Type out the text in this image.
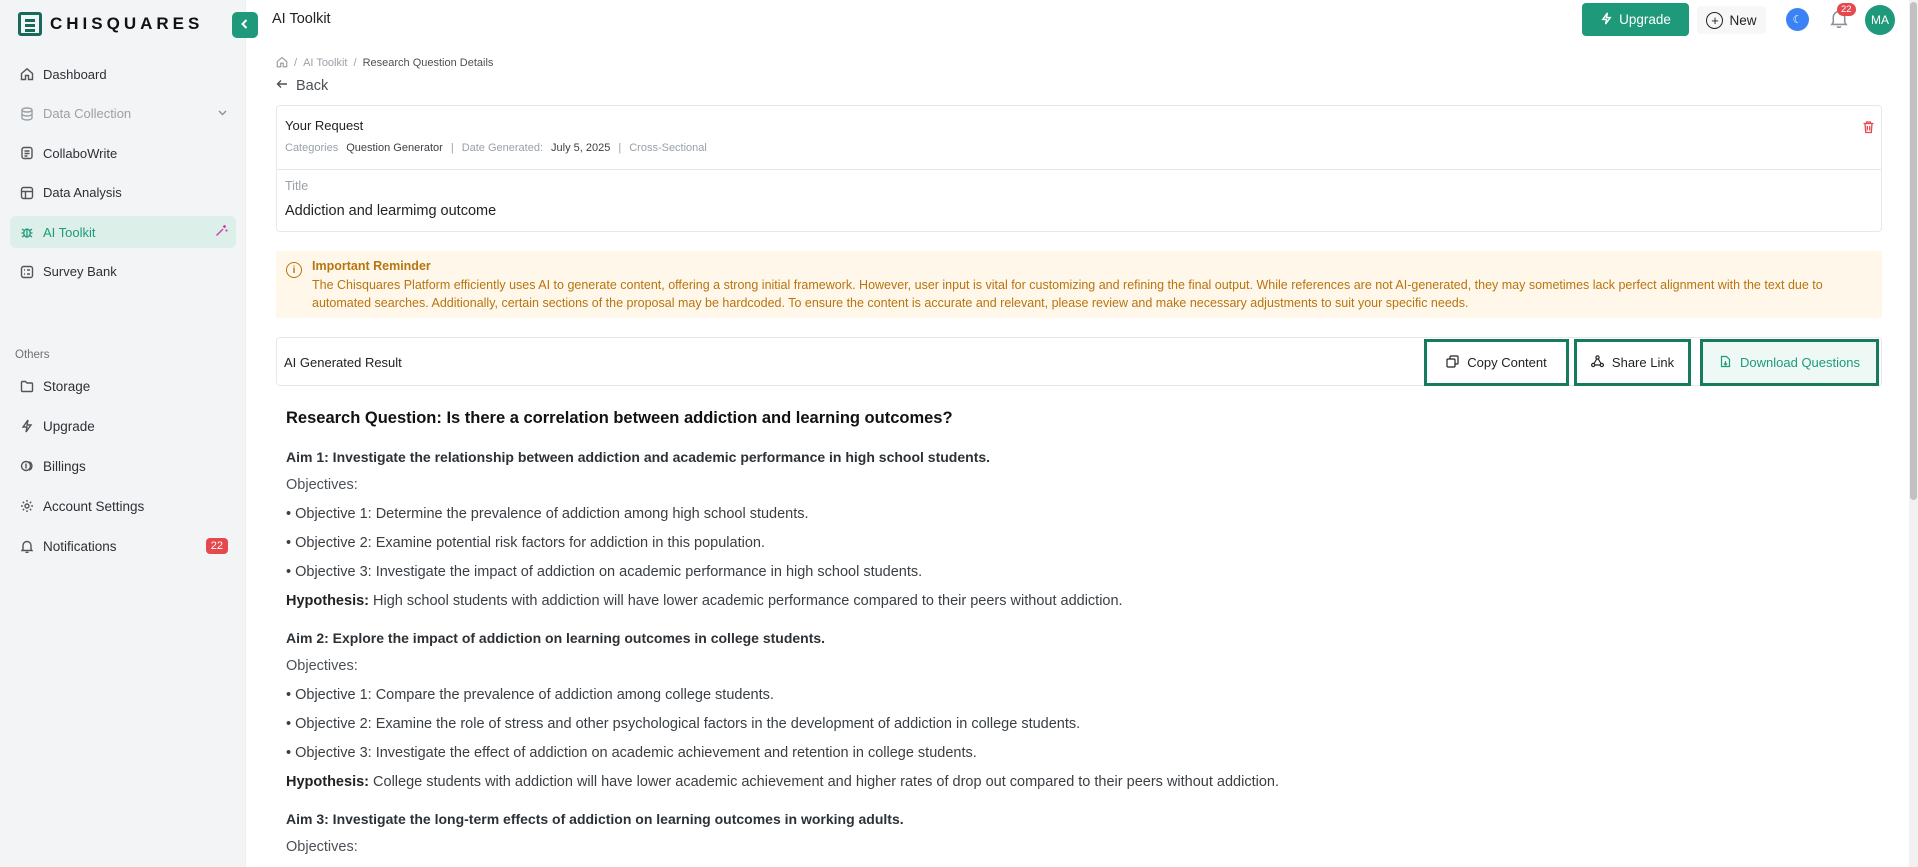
CHISQUARES
Dashboard
Data Collection
CollaboWrite
Data Analysis
AI Toolkit
Survey Bank
Others
Storage
Upgrade
Billings
Account Settings
Notifications	22
AI Toolkit	Upgrade	+ New	☾
22
MA
/ AI Toolkit / Research Question Details
Back
Your Request
Categories Question Generator | Date Generated: July 5, 2025 | Cross-Sectional
Title
Addiction and learmimg outcome
i	Important Reminder
The Chisquares Platform efficiently uses AI to generate content, offering a strong initial framework. However, user input is vital for customizing and refining the final output. While references are not AI-generated, they may sometimes lack perfect alignment with the text due to automated searches. Additionally, certain sections of the proposal may be hardcoded. To ensure the content is accurate and relevant, please review and make necessary adjustments to suit your specific needs.
AI Generated Result	Copy Content	Share Link	Download Questions
Research Question: Is there a correlation between addiction and learning outcomes?
Aim 1: Investigate the relationship between addiction and academic performance in high school students.
Objectives:
• Objective 1: Determine the prevalence of addiction among high school students.
• Objective 2: Examine potential risk factors for addiction in this population.
• Objective 3: Investigate the impact of addiction on academic performance in high school students.
Hypothesis: High school students with addiction will have lower academic performance compared to their peers without addiction.
Aim 2: Explore the impact of addiction on learning outcomes in college students.
Objectives:
• Objective 1: Compare the prevalence of addiction among college students.
• Objective 2: Examine the role of stress and other psychological factors in the development of addiction in college students.
• Objective 3: Investigate the effect of addiction on academic achievement and retention in college students.
Hypothesis: College students with addiction will have lower academic achievement and higher rates of drop out compared to their peers without addiction.
Aim 3: Investigate the long-term effects of addiction on learning outcomes in working adults.
Objectives:
